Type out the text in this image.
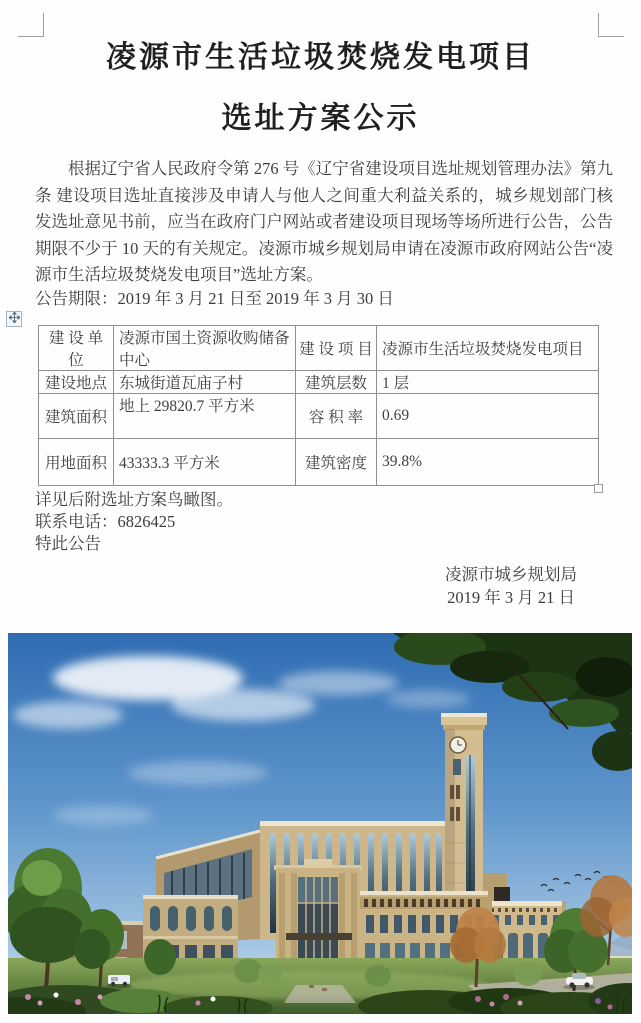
凌源市生活垃圾焚烧发电项目
选址方案公示
根据辽宁省人民政府令第 276 号《辽宁省建设项目选址规划管理办法》第九条 建设项目选址直接涉及申请人与他人之间重大利益关系的，城乡规划部门核发选址意见书前，应当在政府门户网站或者建设项目现场等场所进行公告，公告期限不少于 10 天的有关规定。凌源市城乡规划局申请在凌源市政府网站公告“凌源市生活垃圾焚烧发电项目”选址方案。
公告期限：2019 年 3 月 21 日至 2019 年 3 月 30 日
建 设 单 位	凌源市国土资源收购储备中心	建 设 项 目	凌源市生活垃圾焚烧发电项目
建设地点	东城街道瓦庙子村	建筑层数	1 层
建筑面积	地上 29820.7 平方米	容 积 率	0.69
用地面积	43333.3 平方米	建筑密度	39.8%
详见后附选址方案鸟瞰图。
联系电话：6826425
特此公告
凌源市城乡规划局
2019 年 3 月 21 日
